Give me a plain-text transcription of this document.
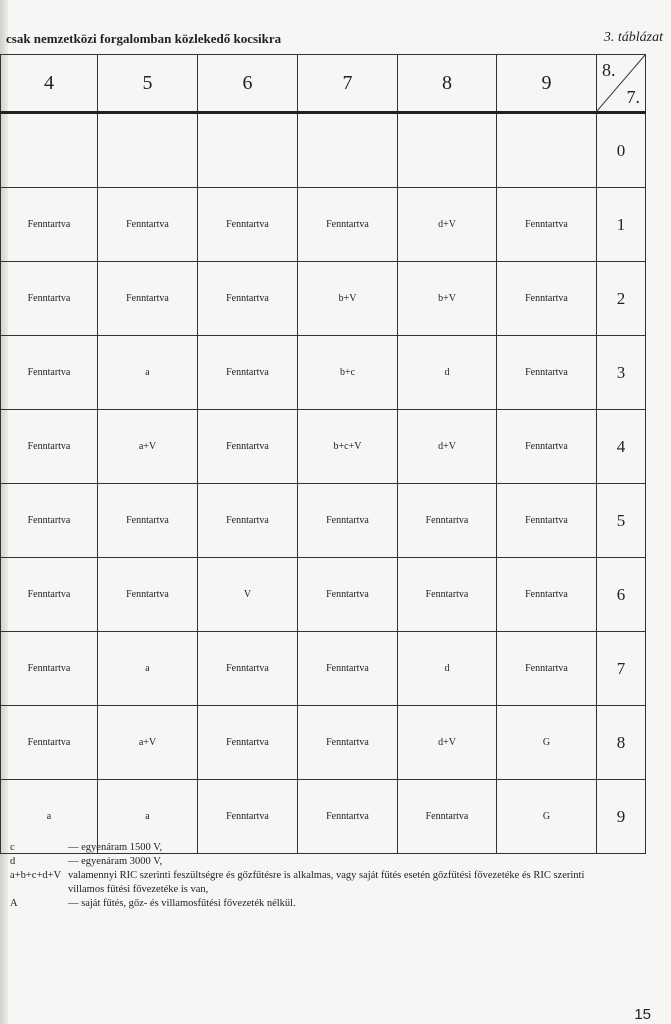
csak nemzetközi forgalomban közlekedő kocsikra	3. táblázat
4	5	6	7	8	9	8.
7.

						0
Fenntartva	Fenntartva	Fenntartva	Fenntartva	d+V	Fenntartva	1
Fenntartva	Fenntartva	Fenntartva	b+V	b+V	Fenntartva	2
Fenntartva	a	Fenntartva	b+c	d	Fenntartva	3
Fenntartva	a+V	Fenntartva	b+c+V	d+V	Fenntartva	4
Fenntartva	Fenntartva	Fenntartva	Fenntartva	Fenntartva	Fenntartva	5
Fenntartva	Fenntartva	V	Fenntartva	Fenntartva	Fenntartva	6
Fenntartva	a	Fenntartva	Fenntartva	d	Fenntartva	7
Fenntartva	a+V	Fenntartva	Fenntartva	d+V	G	8
a	a	Fenntartva	Fenntartva	Fenntartva	G	9
c	— egyenáram 1500 V,
d	— egyenáram 3000 V,
a+b+c+d+V valamennyi RIC szerinti feszültségre és gőzfűtésre is alkalmas, vagy saját fűtés esetén gőzfűtési fővezetéke és RIC szerinti villamos fűtési fővezetéke is van,
A	— saját fűtés, gőz- és villamosfűtési fővezeték nélkül.
15
